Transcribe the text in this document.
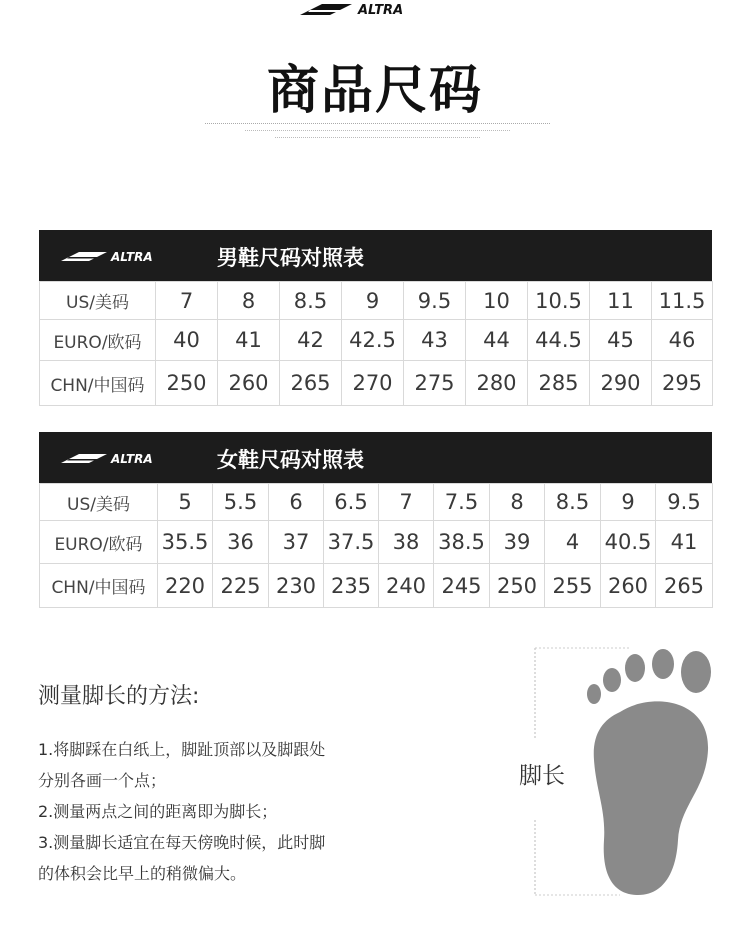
ALTRA
商品尺码
ALTRA	男鞋尺码对照表
US/美码	7	8	8.5	9	9.5	10	10.5	11	11.5
EURO/欧码	40	41	42	42.5	43	44	44.5	45	46
CHN/中国码	250	260	265	270	275	280	285	290	295
ALTRA	女鞋尺码对照表
US/美码	5	5.5	6	6.5	7	7.5	8	8.5	9	9.5
EURO/欧码	35.5	36	37	37.5	38	38.5	39	4	40.5	41
CHN/中国码	220	225	230	235	240	245	250	255	260	265
测量脚长的方法:

1.将脚踩在白纸上，脚趾顶部以及脚跟处

分别各画一个点；

2.测量两点之间的距离即为脚长；

3.测量脚长适宜在每天傍晚时候，此时脚

的体积会比早上的稍微偏大。

脚长
